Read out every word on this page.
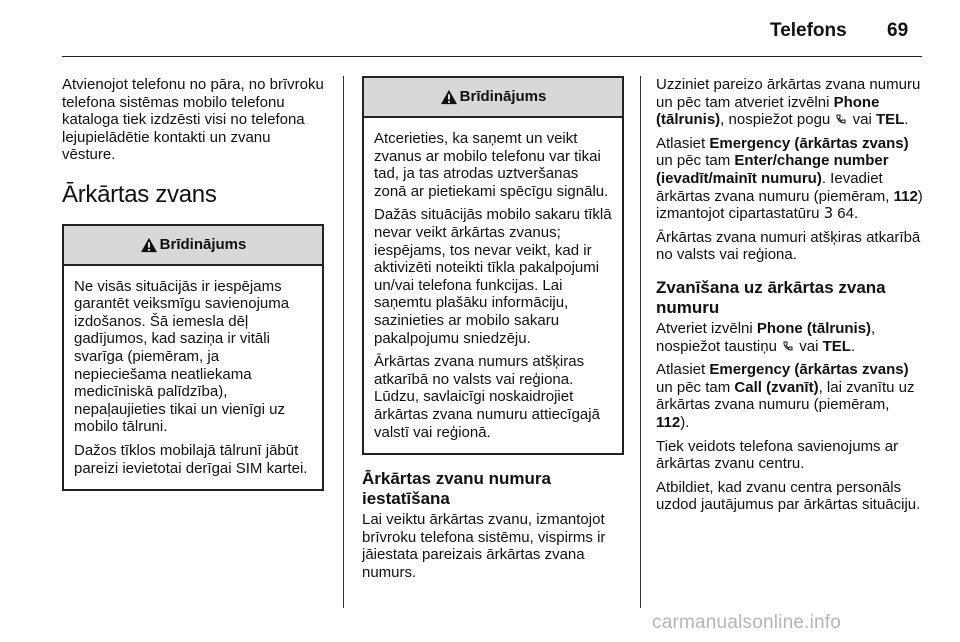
Telefons 69

Atvienojot telefonu no pāra, no brīvroku telefona sistēmas mobilo telefonu kataloga tiek izdzēsti visi no telefona lejupielādētie kontakti un zvanu vēsture.

Ārkārtas zvans
Brīdinājums

Ne visās situācijās ir iespējams garantēt veiksmīgu savienojuma izdošanos. Šā iemesla dēļ gadījumos, kad saziņa ir vitāli svarīga (piemēram, ja nepieciešama neatliekama medicīniskā palīdzība), nepaļaujieties tikai un vienīgi uz mobilo tālruni.

Dažos tīklos mobilajā tālrunī jābūt pareizi ievietotai derīgai SIM kartei.

Brīdinājums

Atcerieties, ka saņemt un veikt zvanus ar mobilo telefonu var tikai tad, ja tas atrodas uztveršanas zonā ar pietiekami spēcīgu signālu.

Dažās situācijās mobilo sakaru tīklā nevar veikt ārkārtas zvanus; iespējams, tos nevar veikt, kad ir aktivizēti noteikti tīkla pakalpojumi un/vai telefona funkcijas. Lai saņemtu plašāku informāciju, sazinieties ar mobilo sakaru pakalpojumu sniedzēju.

Ārkārtas zvana numurs atšķiras atkarībā no valsts vai reģiona. Lūdzu, savlaicīgi noskaidrojiet ārkārtas zvana numuru attiecīgajā valstī vai reģionā.

Ārkārtas zvanu numura iestatīšana

Lai veiktu ārkārtas zvanu, izmantojot brīvroku telefona sistēmu, vispirms ir jāiestata pareizais ārkārtas zvana numurs.

Uzziniet pareizo ārkārtas zvana numuru un pēc tam atveriet izvēlni Phone (tālrunis), nospiežot pogu  vai TEL.

Atlasiet Emergency (ārkārtas zvans) un pēc tam Enter/change number (ievadīt/mainīt numuru). Ievadiet ārkārtas zvana numuru (piemēram, 112) izmantojot cipartastatūru 3 64.

Ārkārtas zvana numuri atšķiras atkarībā no valsts vai reģiona.

Zvanīšana uz ārkārtas zvana numuru

Atveriet izvēlni Phone (tālrunis), nospiežot taustiņu  vai TEL.

Atlasiet Emergency (ārkārtas zvans) un pēc tam Call (zvanīt), lai zvanītu uz ārkārtas zvana numuru (piemēram, 112).

Tiek veidots telefona savienojums ar ārkārtas zvanu centru.

Atbildiet, kad zvanu centra personāls uzdod jautājumus par ārkārtas situāciju.

carmanualsonline.info
